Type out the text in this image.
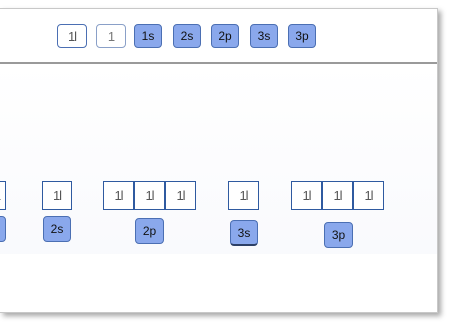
1l 1	1s	2s	2p	3s	3p
1l
2s
1l 1l 1l
2p
1l
3s
1l 1l 1l
3p
